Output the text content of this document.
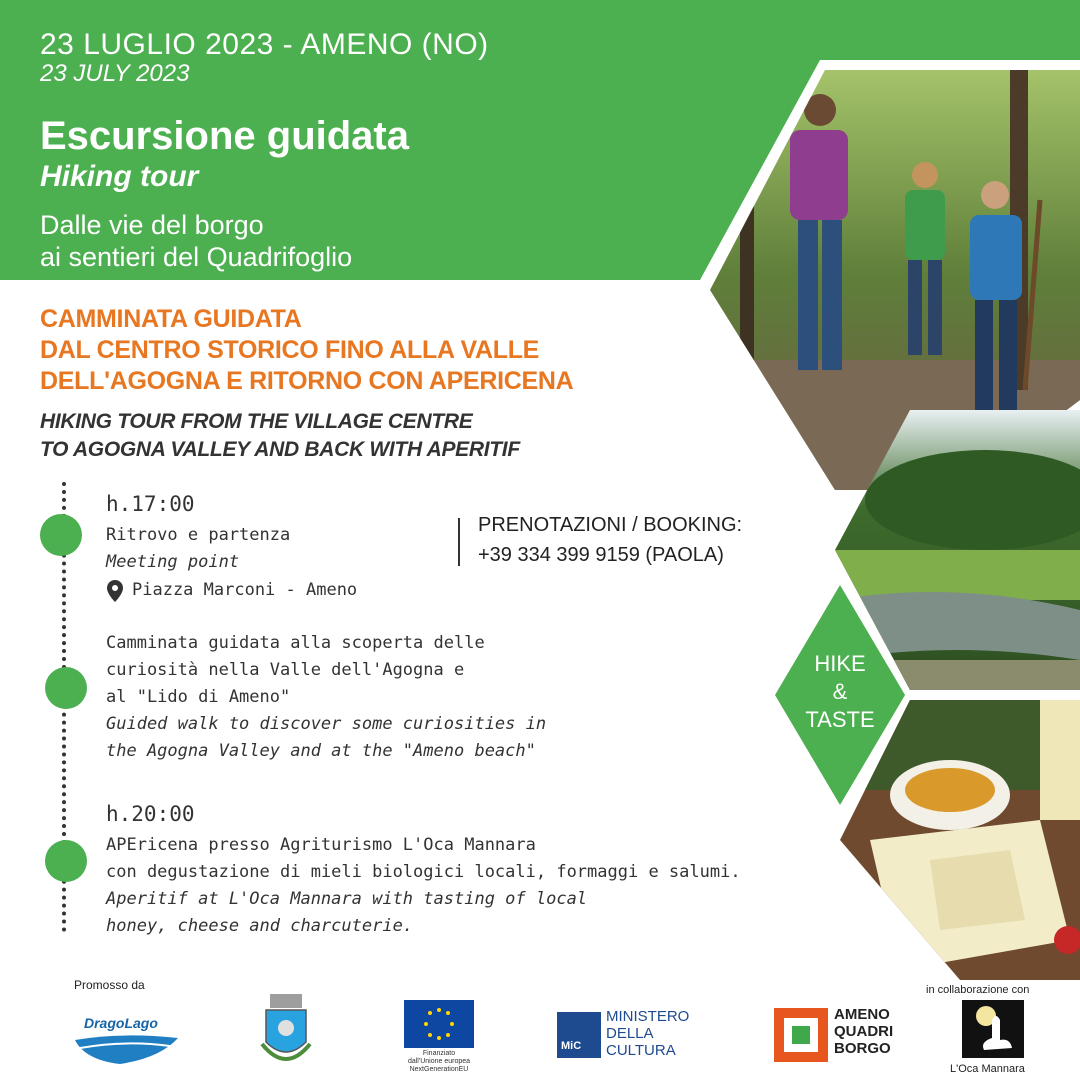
23 LUGLIO 2023 - AMENO (NO)
23 JULY 2023
Escursione guidata
Hiking tour
Dalle vie del borgo
ai sentieri del Quadrifoglio
HIKE
&
TASTE
CAMMINATA GUIDATA
DAL CENTRO STORICO FINO ALLA VALLE
DELL'AGOGNA E RITORNO CON APERICENA
HIKING TOUR FROM THE VILLAGE CENTRE
TO AGOGNA VALLEY AND BACK WITH APERITIF
h.17:00
Ritrovo e partenza
Meeting point
Piazza Marconi - Ameno
Camminata guidata alla scoperta delle
curiosità nella Valle dell'Agogna e
al "Lido di Ameno"
Guided walk to discover some curiosities in
the Agogna Valley and at the "Ameno beach"
h.20:00
APEricena presso Agriturismo L'Oca Mannara
con degustazione di mieli biologici locali, formaggi e salumi.
Aperitif at L'Oca Mannara with tasting of local
honey, cheese and charcuterie.
PRENOTAZIONI / BOOKING:
+39 334 399 9159 (PAOLA)
Promosso da	in collaborazione con
DragoLago
Finanziato
dall'Unione europea
NextGenerationEU
MiC
MINISTERO
DELLA
CULTURA
AMENO
QUADRI
BORGO
L'Oca Mannara
